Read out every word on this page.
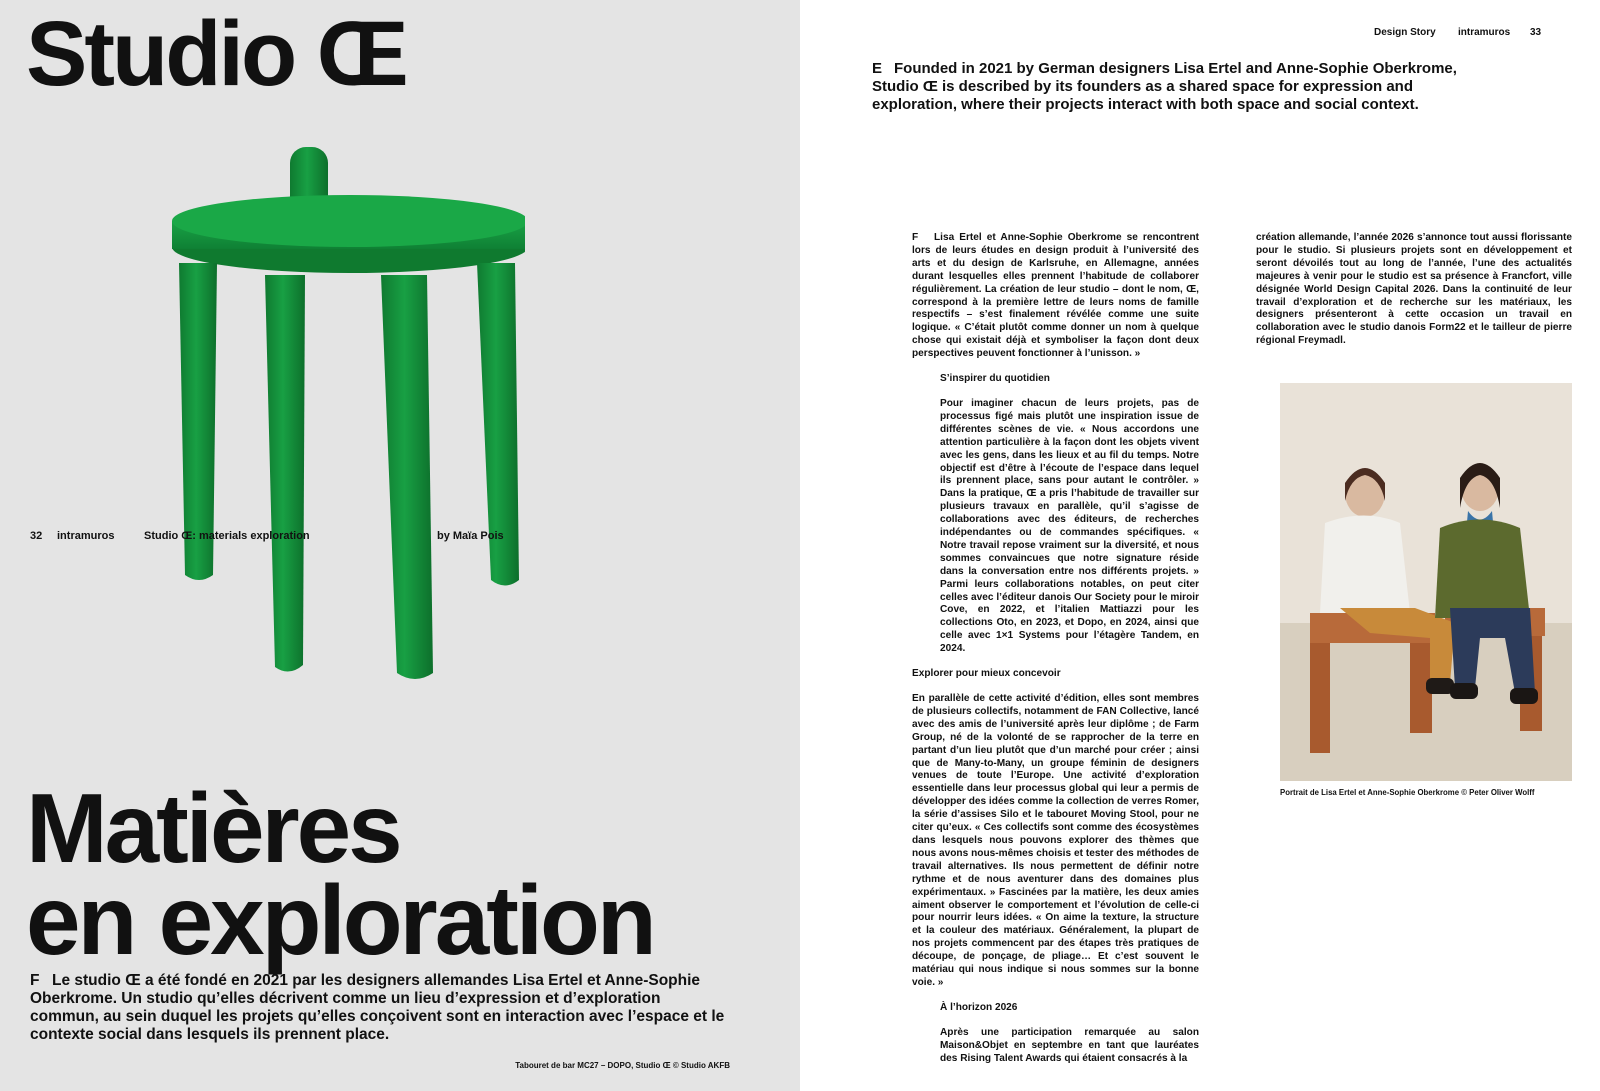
Studio Œ
32 intramuros	Studio Œ: materials exploration	by Maïa Pois
Matières
en exploration

F Le studio Œ a été fondé en 2021 par les designers allemandes Lisa Ertel et Anne-Sophie Oberkrome. Un studio qu’elles décrivent comme un lieu d’expression et d’exploration commun, au sein duquel les projets qu’elles conçoivent sont en interaction avec l’espace et le contexte social dans lesquels ils prennent place.

Tabouret de bar MC27 – DOPO, Studio Œ © Studio AKFB
Design Story intramuros 33

E Founded in 2021 by German designers Lisa Ertel and Anne-Sophie Oberkrome, Studio Œ is described by its founders as a shared space for expression and exploration, where their projects interact with both space and social context.

F Lisa Ertel et Anne-Sophie Oberkrome se rencontrent lors de leurs études en design produit à l’université des arts et du design de Karlsruhe, en Allemagne, années durant lesquelles elles prennent l’habitude de collaborer régulièrement. La création de leur studio – dont le nom, Œ, correspond à la première lettre de leurs noms de famille respectifs – s’est finalement révélée comme une suite logique. « C’était plutôt comme donner un nom à quelque chose qui existait déjà et symboliser la façon dont deux perspectives peuvent fonctionner à l’unisson. »

S’inspirer du quotidien

Pour imaginer chacun de leurs projets, pas de processus figé mais plutôt une inspiration issue de différentes scènes de vie. « Nous accordons une attention particulière à la façon dont les objets vivent avec les gens, dans les lieux et au fil du temps. Notre objectif est d’être à l’écoute de l’espace dans lequel ils prennent place, sans pour autant le contrôler. » Dans la pratique, Œ a pris l’habitude de travailler sur plusieurs travaux en parallèle, qu’il s’agisse de collaborations avec des éditeurs, de recherches indépendantes ou de commandes spécifiques. « Notre travail repose vraiment sur la diversité, et nous sommes convaincues que notre signature réside dans la conversation entre nos différents projets. » Parmi leurs collaborations notables, on peut citer celles avec l’éditeur danois Our Society pour le miroir Cove, en 2022, et l’italien Mattiazzi pour les collections Oto, en 2023, et Dopo, en 2024, ainsi que celle avec 1×1 Systems pour l’étagère Tandem, en 2024.

Explorer pour mieux concevoir

En parallèle de cette activité d’édition, elles sont membres de plusieurs collectifs, notamment de FAN Collective, lancé avec des amis de l’université après leur diplôme ; de Farm Group, né de la volonté de se rapprocher de la terre en partant d’un lieu plutôt que d’un marché pour créer ; ainsi que de Many-to-Many, un groupe féminin de designers venues de toute l’Europe. Une activité d’exploration essentielle dans leur processus global qui leur a permis de développer des idées comme la collection de verres Romer, la série d’assises Silo et le tabouret Moving Stool, pour ne citer qu’eux. « Ces collectifs sont comme des écosystèmes dans lesquels nous pouvons explorer des thèmes que nous avons nous-mêmes choisis et tester des méthodes de travail alternatives. Ils nous permettent de définir notre rythme et de nous aventurer dans des domaines plus expérimentaux. » Fascinées par la matière, les deux amies aiment observer le comportement et l’évolution de celle-ci pour nourrir leurs idées. « On aime la texture, la structure et la couleur des matériaux. Généralement, la plupart de nos projets commencent par des étapes très pratiques de découpe, de ponçage, de pliage… Et c’est souvent le matériau qui nous indique si nous sommes sur la bonne voie. »

À l’horizon 2026

Après une participation remarquée au salon Maison&Objet en septembre en tant que lauréates des Rising Talent Awards qui étaient consacrés à la

création allemande, l’année 2026 s’annonce tout aussi florissante pour le studio. Si plusieurs projets sont en développement et seront dévoilés tout au long de l’année, l’une des actualités majeures à venir pour le studio est sa présence à Francfort, ville désignée World Design Capital 2026. Dans la continuité de leur travail d’exploration et de recherche sur les matériaux, les designers présenteront à cette occasion un travail en collaboration avec le studio danois Form22 et le tailleur de pierre régional Freymadl.

Portrait de Lisa Ertel et Anne-Sophie Oberkrome © Peter Oliver Wolff
